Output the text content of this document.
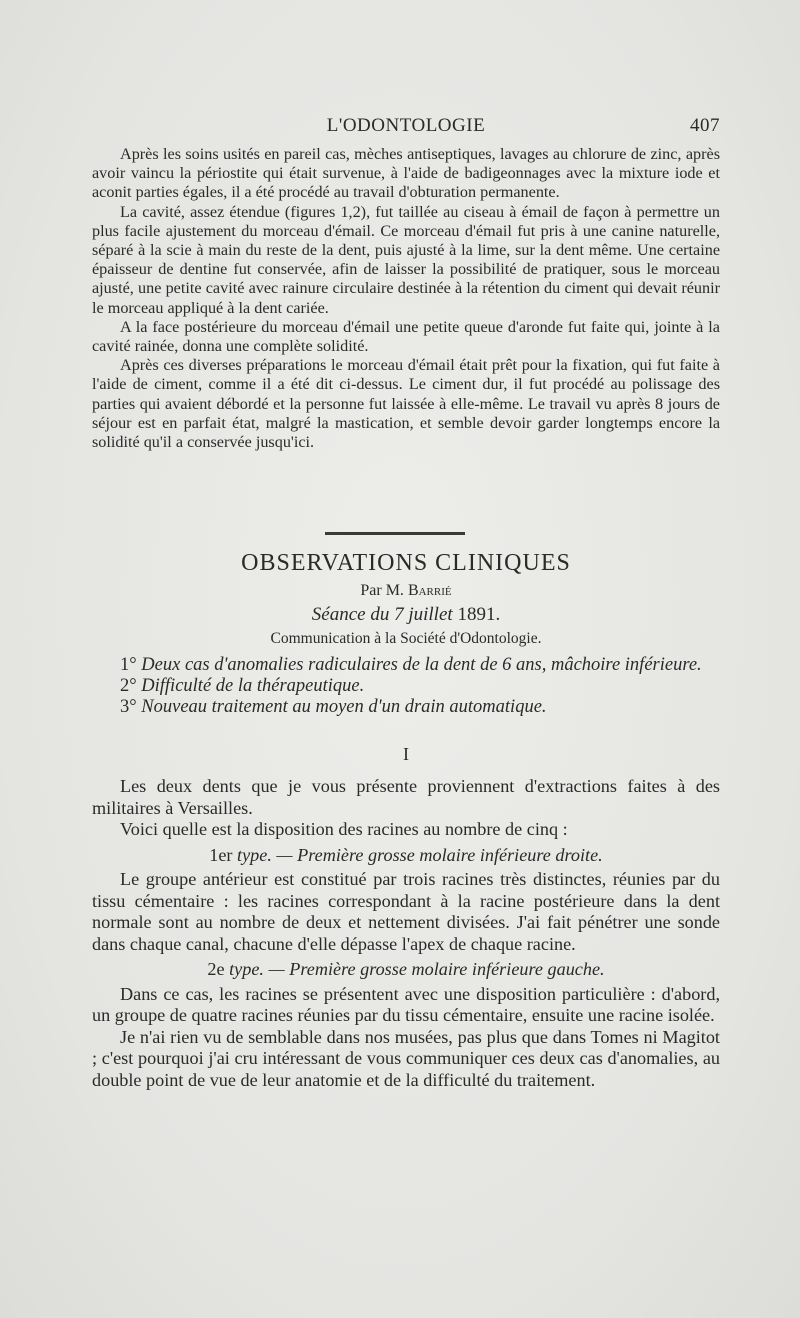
L'ODONTOLOGIE	407

Après les soins usités en pareil cas, mèches antiseptiques, lavages au chlorure de zinc, après avoir vaincu la périostite qui était survenue, à l'aide de badigeonnages avec la mixture iode et aconit parties égales, il a été procédé au travail d'obturation permanente.

La cavité, assez étendue (figures 1,2), fut taillée au ciseau à émail de façon à permettre un plus facile ajustement du morceau d'émail. Ce morceau d'émail fut pris à une canine naturelle, séparé à la scie à main du reste de la dent, puis ajusté à la lime, sur la dent même. Une certaine épaisseur de dentine fut conservée, afin de laisser la possibilité de pratiquer, sous le morceau ajusté, une petite cavité avec rainure circulaire destinée à la rétention du ciment qui devait réunir le morceau appliqué à la dent cariée.

A la face postérieure du morceau d'émail une petite queue d'aronde fut faite qui, jointe à la cavité rainée, donna une complète solidité.

Après ces diverses préparations le morceau d'émail était prêt pour la fixation, qui fut faite à l'aide de ciment, comme il a été dit ci-dessus. Le ciment dur, il fut procédé au polissage des parties qui avaient débordé et la personne fut laissée à elle-même. Le travail vu après 8 jours de séjour est en parfait état, malgré la mastication, et semble devoir garder longtemps encore la solidité qu'il a conservée jusqu'ici.

OBSERVATIONS CLINIQUES
Par M. Barrié
Séance du 7 juillet 1891.
Communication à la Société d'Odontologie.

1° Deux cas d'anomalies radiculaires de la dent de 6 ans, mâchoire inférieure.

2° Difficulté de la thérapeutique.

3° Nouveau traitement au moyen d'un drain automatique.

I

Les deux dents que je vous présente proviennent d'extractions faites à des militaires à Versailles.

Voici quelle est la disposition des racines au nombre de cinq :

1er type. — Première grosse molaire inférieure droite.

Le groupe antérieur est constitué par trois racines très distinctes, réunies par du tissu cémentaire : les racines correspondant à la racine postérieure dans la dent normale sont au nombre de deux et nettement divisées. J'ai fait pénétrer une sonde dans chaque canal, chacune d'elle dépasse l'apex de chaque racine.

2e type. — Première grosse molaire inférieure gauche.

Dans ce cas, les racines se présentent avec une disposition particulière : d'abord, un groupe de quatre racines réunies par du tissu cémentaire, ensuite une racine isolée.

Je n'ai rien vu de semblable dans nos musées, pas plus que dans Tomes ni Magitot ; c'est pourquoi j'ai cru intéressant de vous communiquer ces deux cas d'anomalies, au double point de vue de leur anatomie et de la difficulté du traitement.
